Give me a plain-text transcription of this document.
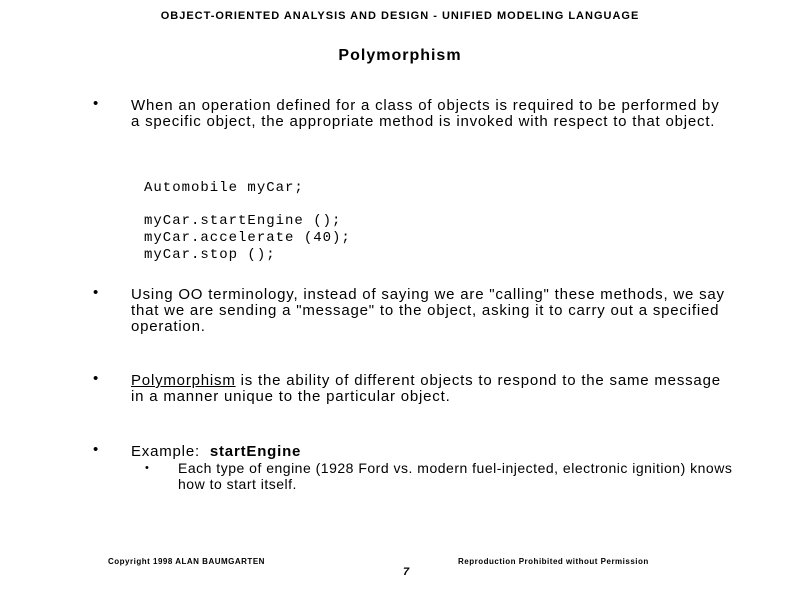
OBJECT-ORIENTED ANALYSIS AND DESIGN - UNIFIED MODELING LANGUAGE
Polymorphism
• When an operation defined for a class of objects is required to be performed by a specific object, the appropriate method is invoked with respect to that object.
Automobile myCar;
myCar.startEngine ();
myCar.accelerate (40);
myCar.stop ();
• Using OO terminology, instead of saying we are "calling" these methods, we say that we are sending a "message" to the object, asking it to carry out a specified operation.
• Polymorphism is the ability of different objects to respond to the same message in a manner unique to the particular object.
• Example:  startEngine
• Each type of engine (1928 Ford vs. modern fuel-injected, electronic ignition) knows how to start itself.
Copyright 1998 ALAN BAUMGARTEN	Reproduction Prohibited without Permission
7
